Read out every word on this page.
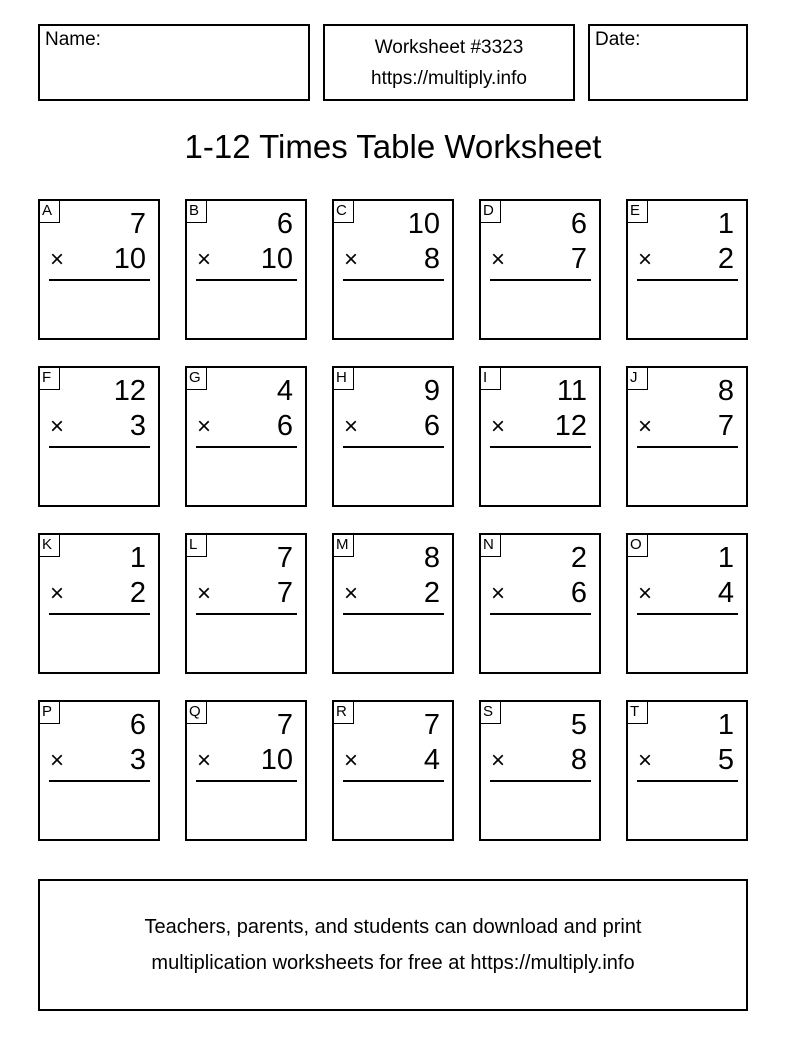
Name:	Worksheet #3323
https://multiply.info
Date:
1-12 Times Table Worksheet
A	7
× 10
B	6
× 10
C 10
× 8
D	6
× 7
E	1
× 2
F	12
× 3
G	4
× 6
H	9
× 6
I	11
× 12
J	8
× 7
K	1
× 2
L	7
× 7
M	8
× 2
N	2
× 6
O	1
× 4
P	6
× 3
Q	7
× 10
R	7
× 4
S	5
× 8
T	1
× 5
Teachers, parents, and students can download and print
multiplication worksheets for free at https://multiply.info
